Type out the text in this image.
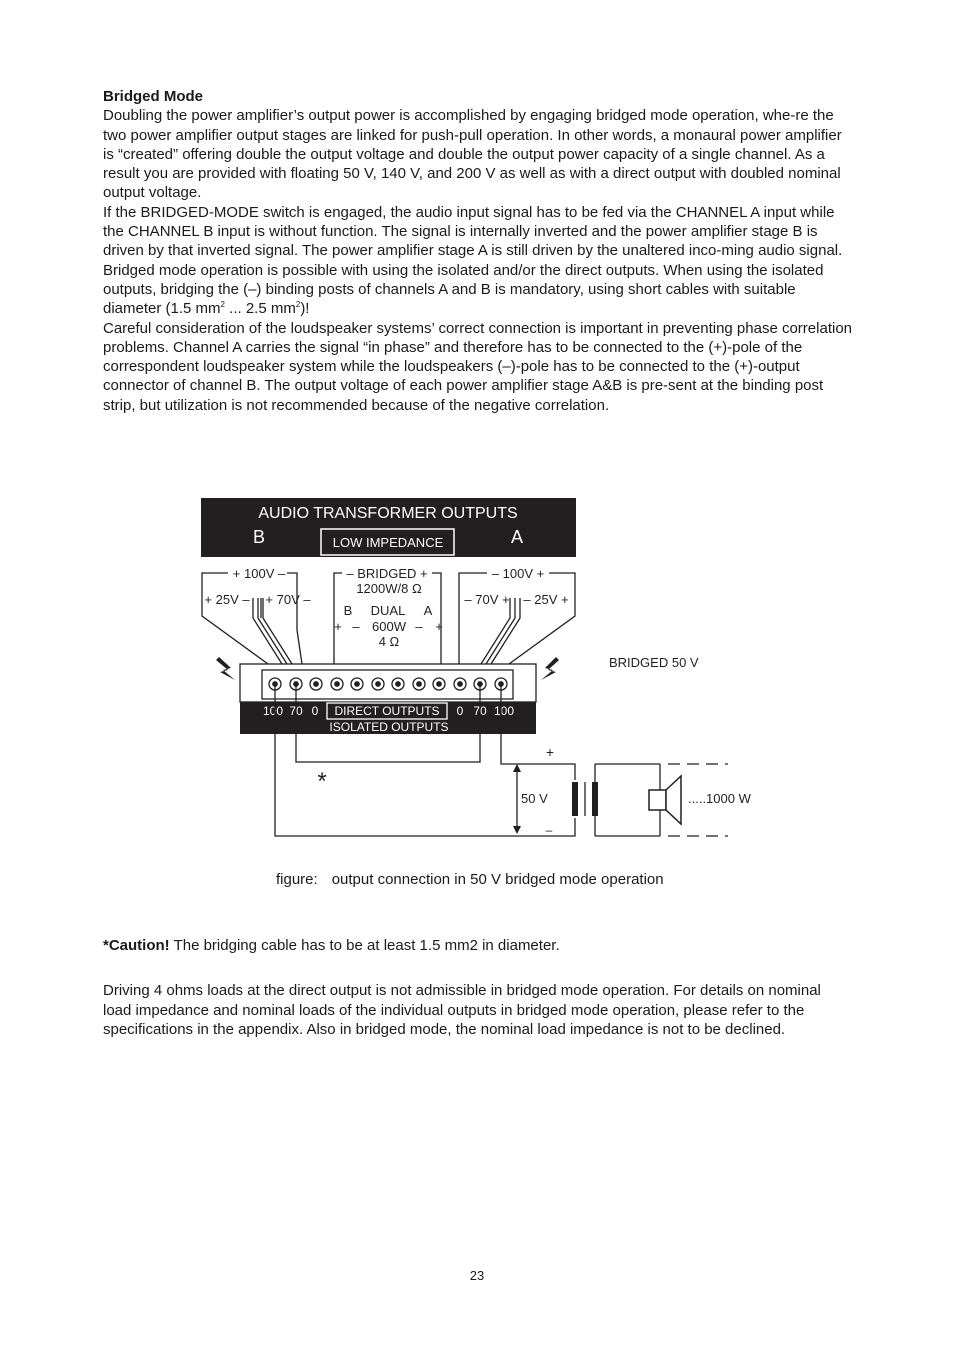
Bridged Mode

Doubling the power amplifier’s output power is accomplished by engaging bridged mode operation, whe-re the two power amplifier output stages are linked for push-pull operation. In other words, a monaural power amplifier is “created” offering double the output voltage and double the output power capacity of a single channel. As a result you are provided with floating 50 V, 140 V, and 200 V as well as with a direct output with doubled nominal output voltage.

If the BRIDGED-MODE switch is engaged, the audio input signal has to be fed via the CHANNEL A input while the CHANNEL B input is without function. The signal is internally inverted and the power amplifier stage B is driven by that inverted signal. The power amplifier stage A is still driven by the unaltered inco-ming audio signal. Bridged mode operation is possible with using the isolated and/or the direct outputs. When using the isolated outputs, bridging the (–) binding posts of channels A and B is mandatory, using short cables with suitable diameter (1.5 $mm^2$ ... 2.5 $mm^2$)!

Careful consideration of the loudspeaker systems’ correct connection is important in preventing phase correlation problems. Channel A carries the signal “in phase” and therefore has to be connected to the (+)-pole of the correspondent loudspeaker system while the loudspeakers (–)-pole has to be connected to the (+)-output connector of channel B. The output voltage of each power amplifier stage A&B is pre-sent at the binding post strip, but utilization is not recommended because of the negative correlation.

AUDIO TRANSFORMER OUTPUTS
B	A
LOW IMPEDANCE
+ 100V –
+ 25V – + 70V –
– BRIDGED +
1200W/8 Ω
B DUAL A
+ – 600W – +
4 Ω
– 100V +
– 70V + – 25V +
100 70 0 DIRECT OUTPUTS 0 70 100
ISOLATED OUTPUTS
BRIDGED 50 V
+
–
50 V	.....1000 W
*
figure: output connection in 50 V bridged mode operation
*Caution! The bridging cable has to be at least 1.5 mm2 in diameter.
Driving 4 ohms loads at the direct output is not admissible in bridged mode operation. For details on nominal load impedance and nominal loads of the individual outputs in bridged mode operation, please refer to the specifications in the appendix. Also in bridged mode, the nominal load impedance is not to be declined.
23
